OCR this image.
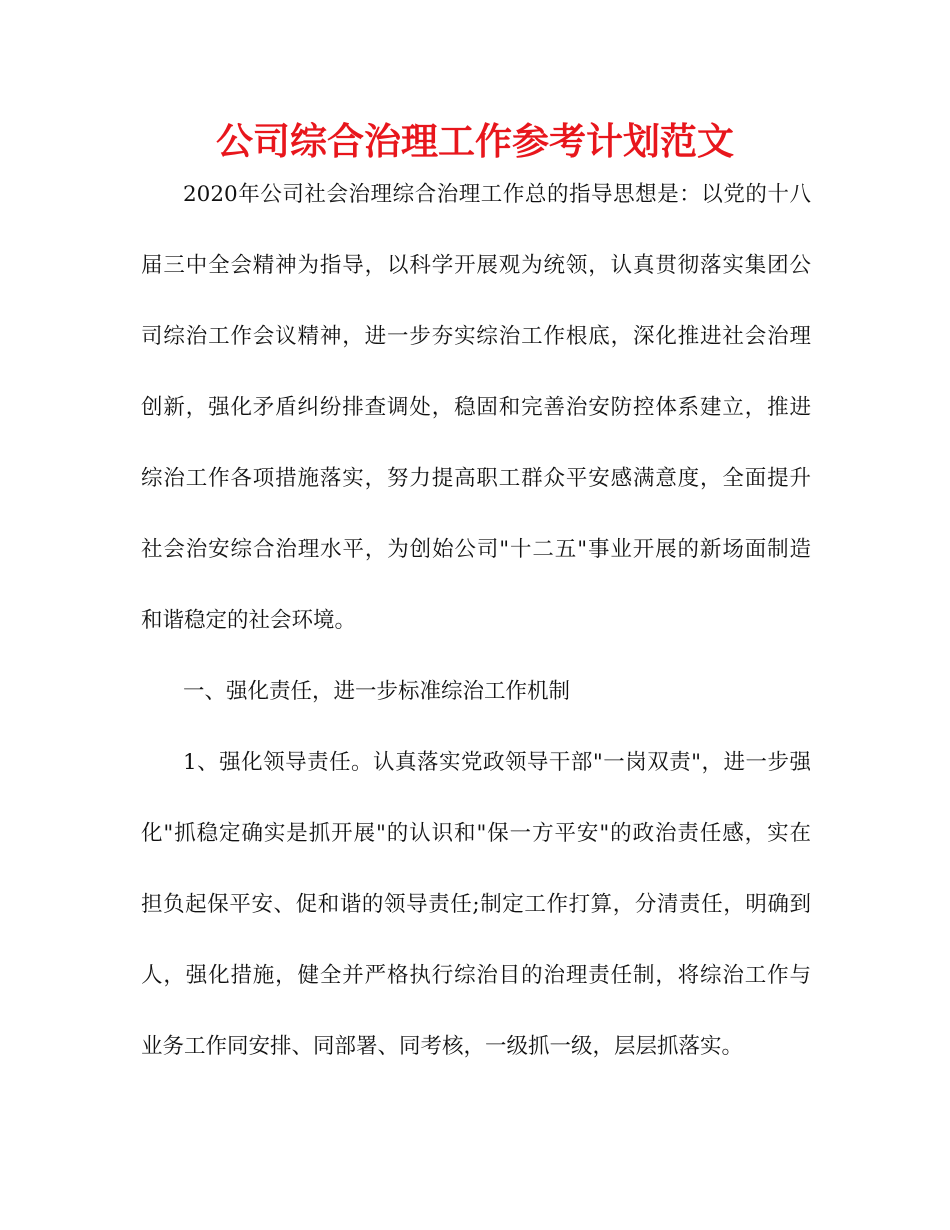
公司综合治理工作参考计划范文
2020年公司社会治理综合治理工作总的指导思想是：以党的十八
届三中全会精神为指导，以科学开展观为统领，认真贯彻落实集团公
司综治工作会议精神，进一步夯实综治工作根底，深化推进社会治理
创新，强化矛盾纠纷排查调处，稳固和完善治安防控体系建立，推进
综治工作各项措施落实，努力提高职工群众平安感满意度，全面提升
社会治安综合治理水平，为创始公司"十二五"事业开展的新场面制造
和谐稳定的社会环境。
一、强化责任，进一步标准综治工作机制
1、强化领导责任。认真落实党政领导干部"一岗双责"，进一步强
化"抓稳定确实是抓开展"的认识和"保一方平安"的政治责任感，实在
担负起保平安、促和谐的领导责任;制定工作打算，分清责任，明确到
人，强化措施，健全并严格执行综治目的治理责任制，将综治工作与
业务工作同安排、同部署、同考核，一级抓一级，层层抓落实。
